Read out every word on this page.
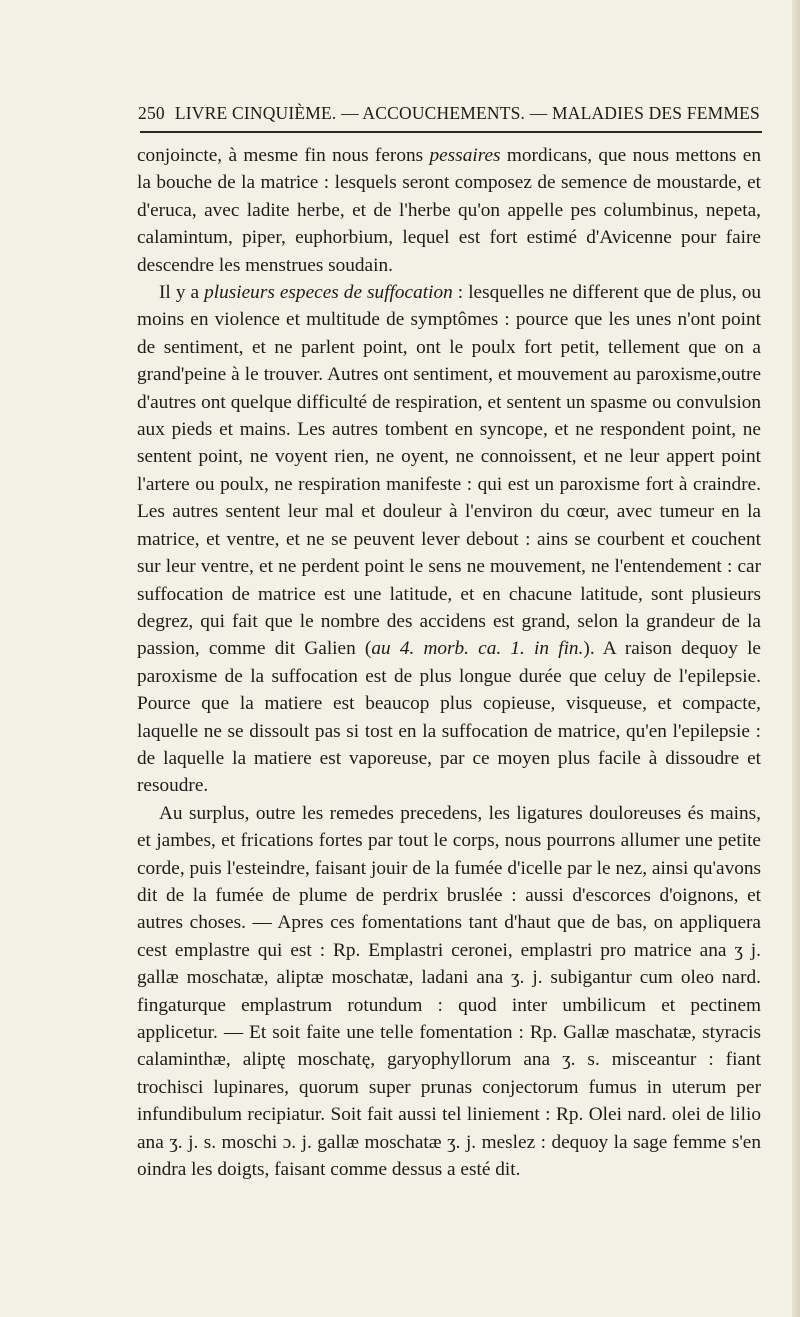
250 LIVRE CINQUIÈME. — ACCOUCHEMENTS. — MALADIES DES FEMMES

conjoincte, à mesme fin nous ferons pessaires mordicans, que nous mettons en la bouche de la matrice : lesquels seront composez de semence de moustarde, et d'eruca, avec ladite herbe, et de l'herbe qu'on appelle pes columbinus, nepeta, calamintum, piper, euphorbium, lequel est fort estimé d'Avicenne pour faire descendre les menstrues soudain.

Il y a plusieurs especes de suffocation : lesquelles ne different que de plus, ou moins en violence et multitude de symptômes : pource que les unes n'ont point de sentiment, et ne parlent point, ont le poulx fort petit, tellement que on a grand'peine à le trouver. Autres ont sentiment, et mouvement au paroxisme,outre d'autres ont quelque difficulté de respiration, et sentent un spasme ou convulsion aux pieds et mains. Les autres tombent en syncope, et ne respondent point, ne sentent point, ne voyent rien, ne oyent, ne connoissent, et ne leur appert point l'artere ou poulx, ne respiration manifeste : qui est un paroxisme fort à craindre. Les autres sentent leur mal et douleur à l'environ du cœur, avec tumeur en la matrice, et ventre, et ne se peuvent lever debout : ains se courbent et couchent sur leur ventre, et ne perdent point le sens ne mouvement, ne l'entendement : car suffocation de matrice est une latitude, et en chacune latitude, sont plusieurs degrez, qui fait que le nombre des accidens est grand, selon la grandeur de la passion, comme dit Galien (au 4. morb. ca. 1. in fin.). A raison dequoy le paroxisme de la suffocation est de plus longue durée que celuy de l'epilepsie. Pource que la matiere est beaucop plus copieuse, visqueuse, et compacte, laquelle ne se dissoult pas si tost en la suffocation de matrice, qu'en l'epilepsie : de laquelle la matiere est vaporeuse, par ce moyen plus facile à dissoudre et resoudre.

Au surplus, outre les remedes precedens, les ligatures douloreuses és mains, et jambes, et frications fortes par tout le corps, nous pourrons allumer une petite corde, puis l'esteindre, faisant jouir de la fumée d'icelle par le nez, ainsi qu'avons dit de la fumée de plume de perdrix bruslée : aussi d'escorces d'oignons, et autres choses. — Apres ces fomentations tant d'haut que de bas, on appliquera cest emplastre qui est : Rp. Emplastri ceronei, emplastri pro matrice ana ʒ j. gallæ moschatæ, aliptæ moschatæ, ladani ana ʒ. j. subigantur cum oleo nard. fingaturque emplastrum rotundum : quod inter umbilicum et pectinem applicetur. — Et soit faite une telle fomentation : Rp. Gallæ maschatæ, styracis calaminthæ, aliptę moschatę, garyophyllorum ana ʒ. s. misceantur : fiant trochisci lupinares, quorum super prunas conjectorum fumus in uterum per infundibulum recipiatur. Soit fait aussi tel liniement : Rp. Olei nard. olei de lilio ana ʒ. j. s. moschi ɔ. j. gallæ moschatæ ʒ. j. meslez : dequoy la sage femme s'en oindra les doigts, faisant comme dessus a esté dit.
